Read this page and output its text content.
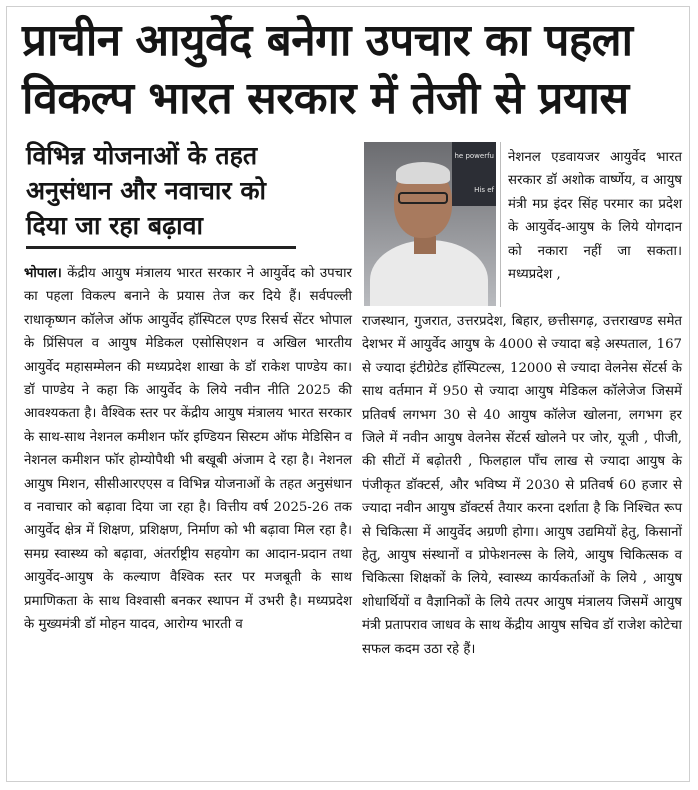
प्राचीन आयुर्वेद बनेगा उपचार का पहला
विकल्प भारत सरकार में तेजी से प्रयास
विभिन्न योजनाओं के तहत
अनुसंधान और नवाचार को
दिया जा रहा बढ़ावा

भोपाल। केंद्रीय आयुष मंत्रालय भारत सरकार ने आयुर्वेद को उपचार का पहला विकल्प बनाने के प्रयास तेज कर दिये हैं। सर्वपल्ली राधाकृष्णन कॉलेज ऑफ आयुर्वेद हॉस्पिटल एण्ड रिसर्च सेंटर भोपाल के प्रिंसिपल व आयुष मेडिकल एसोसिएशन व अखिल भारतीय आयुर्वेद महासम्मेलन की मध्यप्रदेश शाखा के डॉ राकेश पाण्डेय का। डॉ पाण्डेय ने कहा कि आयुर्वेद के लिये नवीन नीति 2025 की आवश्यकता है। वैश्विक स्तर पर केंद्रीय आयुष मंत्रालय भारत सरकार के साथ-साथ नेशनल कमीशन फॉर इण्डियन सिस्टम ऑफ मेडिसिन व नेशनल कमीशन फॉर होम्योपैथी भी बखूबी अंजाम दे रहा है। नेशनल आयुष मिशन, सीसीआरएएस व विभिन्न योजनाओं के तहत अनुसंधान व नवाचार को बढ़ावा दिया जा रहा है। वित्तीय वर्ष 2025-26 तक आयुर्वेद क्षेत्र में शिक्षण, प्रशिक्षण, निर्माण को भी बढ़ावा मिल रहा है। समग्र स्वास्थ्य को बढ़ावा, अंतर्राष्ट्रीय सहयोग का आदान-प्रदान तथा आयुर्वेद-आयुष के कल्याण वैश्विक स्तर पर मजबूती के साथ प्रमाणिकता के साथ विश्वासी बनकर स्थापन में उभरी है। मध्यप्रदेश के मुख्यमंत्री डॉ मोहन यादव, आरोग्य भारती व

he powerfu
His ef

नेशनल एडवायजर आयुर्वेद भारत सरकार डॉ अशोक वार्ष्णेय, व आयुष मंत्री मप्र इंदर सिंह परमार का प्रदेश के आयुर्वेद-आयुष के लिये योगदान को नकारा नहीं जा सकता। मध्यप्रदेश ,

राजस्थान, गुजरात, उत्तरप्रदेश, बिहार, छत्तीसगढ़, उत्तराखण्ड समेत देशभर में आयुर्वेद आयुष के 4000 से ज्यादा बड़े अस्पताल, 167 से ज्यादा इंटीग्रेटेड हॉस्पिटल्स, 12000 से ज्यादा वेलनेस सेंटर्स के साथ वर्तमान में 950 से ज्यादा आयुष मेडिकल कॉलेजेज जिसमें प्रतिवर्ष लगभग 30 से 40 आयुष कॉलेज खोलना, लगभग हर जिले में नवीन आयुष वेलनेस सेंटर्स खोलने पर जोर, यूजी , पीजी, की सीटों में बढ़ोतरी , फिलहाल पाँच लाख से ज्यादा आयुष के पंजीकृत डॉक्टर्स, और भविष्य में 2030 से प्रतिवर्ष 60 हजार से ज्यादा नवीन आयुष डॉक्टर्स तैयार करना दर्शाता है कि निश्चित रूप से चिकित्सा में आयुर्वेद अग्रणी होगा। आयुष उद्यमियों हेतु, किसानों हेतु, आयुष संस्थानों व प्रोफेशनल्स के लिये, आयुष चिकित्सक व चिकित्सा शिक्षकों के लिये, स्वास्थ्य कार्यकर्ताओं के लिये , आयुष शोधार्थियों व वैज्ञानिकों के लिये तत्पर आयुष मंत्रालय जिसमें आयुष मंत्री प्रतापराव जाधव के साथ केंद्रीय आयुष सचिव डॉ राजेश कोटेचा सफल कदम उठा रहे हैं।
